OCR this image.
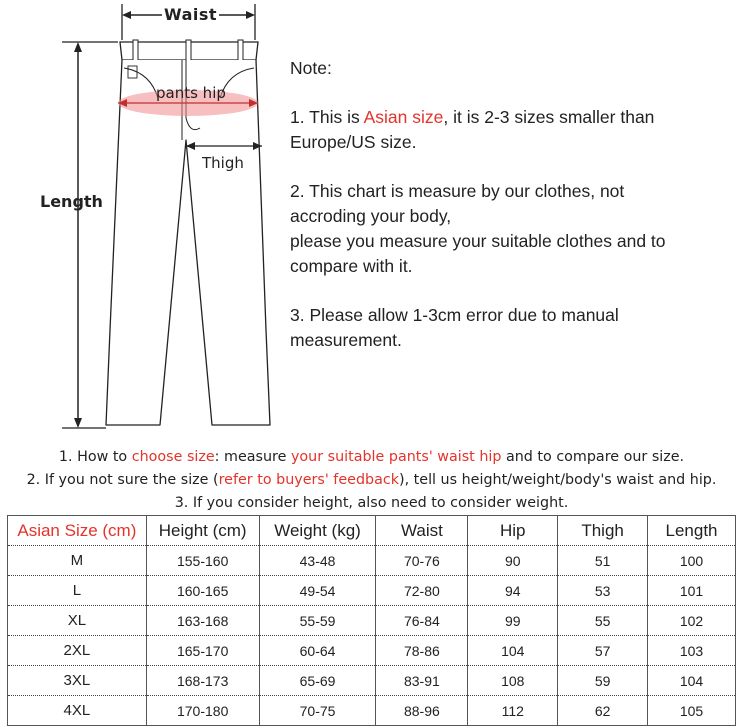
Waist
Length
pants hip
Thigh

Note:

1. This is Asian size, it is 2-3 sizes smaller than

Europe/US size.

2. This chart is measure by our clothes, not

accroding your body,

please you measure your suitable clothes and to

compare with it.

3. Please allow 1-3cm error due to manual

measurement.

1. How to choose size: measure your suitable pants' waist hip and to compare our size.

2. If you not sure the size (refer to buyers' feedback), tell us height/weight/body's waist and hip.

3. If you consider height, also need to consider weight.

Asian Size (cm)	Height (cm)	Weight (kg)	Waist	Hip	Thigh	Length
M	155-160	43-48	70-76	90	51	100
L	160-165	49-54	72-80	94	53	101
XL	163-168	55-59	76-84	99	55	102
2XL	165-170	60-64	78-86	104	57	103
3XL	168-173	65-69	83-91	108	59	104
4XL	170-180	70-75	88-96	112	62	105
